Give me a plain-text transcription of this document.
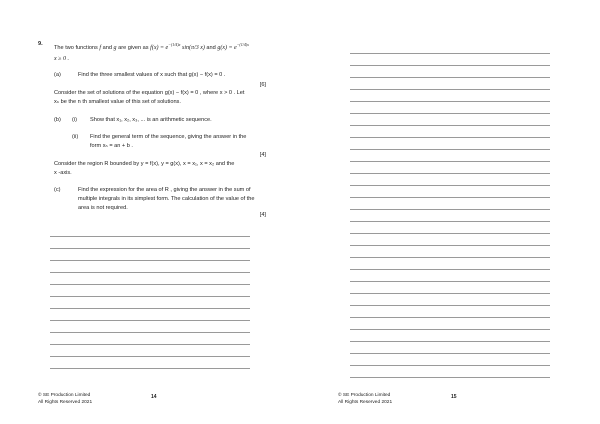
9.
The two functions f and g are given as $f(x) = e^{-(1/4)x}$ sin(π/3 x) and $g(x) = e^{-(1/4)x}$
x ≥ 0 .
(a)	Find the three smallest values of x such that g(x) − f(x) = 0 .
[6]
Consider the set of solutions of the equation g(x) − f(x) = 0 , where x > 0 . Let
xₙ be the n th smallest value of this set of solutions.
(b) (i) Show that x₁, x₂, x₃, ... is an arithmetic sequence.
(ii) Find the general term of the sequence, giving the answer in the
form xₙ = an + b .
[4]
Consider the region R bounded by y = f(x), y = g(x), x = x₁, x = x₂ and the
x -axis.
(c)	Find the expression for the area of R , giving the answer in the sum of
multiple integrals in its simplest form. The calculation of the value of the
area is not required.
[4]
© SE Production Limited
All Rights Reserved 2021
14	© SE Production Limited
All Rights Reserved 2021
15
